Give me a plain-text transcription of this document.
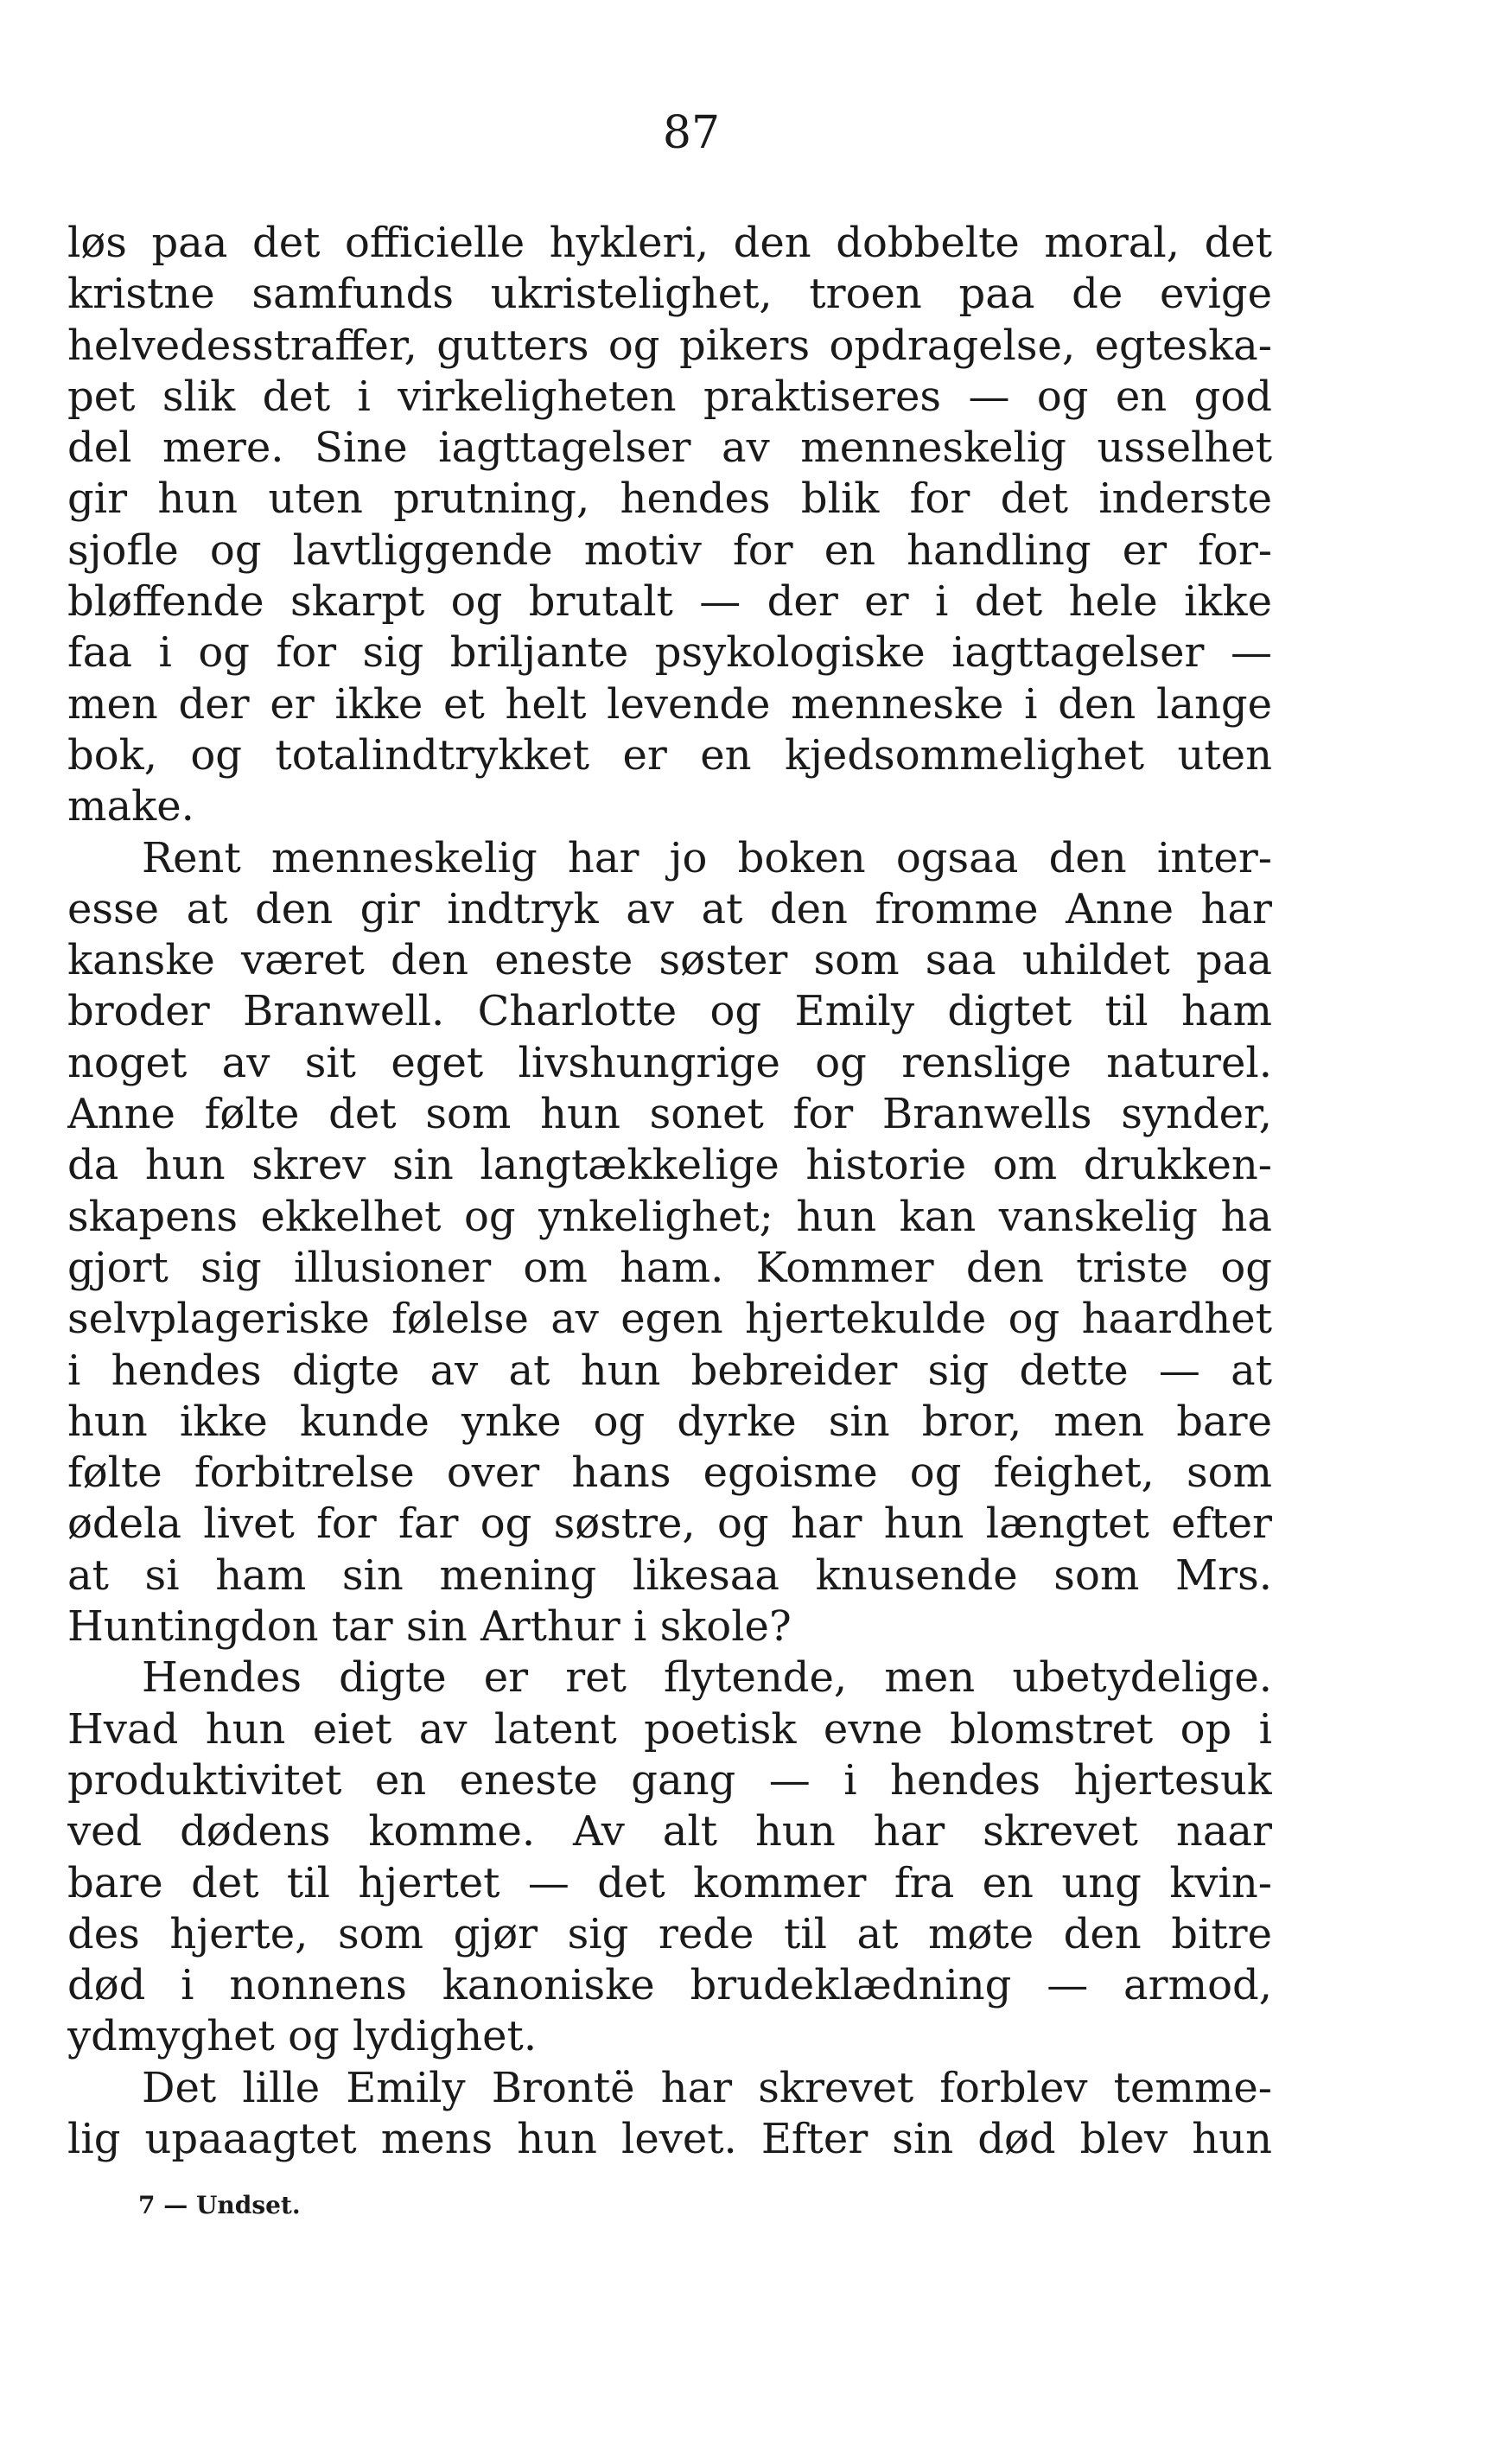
87
løs paa det officielle hykleri, den dobbelte moral, det
kristne samfunds ukristelighet, troen paa de evige
helvedesstraffer, gutters og pikers opdragelse, egteska-
pet slik det i virkeligheten praktiseres — og en god
del mere. Sine iagttagelser av menneskelig usselhet
gir hun uten prutning, hendes blik for det inderste
sjofle og lavtliggende motiv for en handling er for-
bløffende skarpt og brutalt — der er i det hele ikke
faa i og for sig briljante psykologiske iagttagelser —
men der er ikke et helt levende menneske i den lange
bok, og totalindtrykket er en kjedsommelighet uten
make.
Rent menneskelig har jo boken ogsaa den inter-
esse at den gir indtryk av at den fromme Anne har
kanske været den eneste søster som saa uhildet paa
broder Branwell. Charlotte og Emily digtet til ham
noget av sit eget livshungrige og renslige naturel.
Anne følte det som hun sonet for Branwells synder,
da hun skrev sin langtækkelige historie om drukken-
skapens ekkelhet og ynkelighet; hun kan vanskelig ha
gjort sig illusioner om ham. Kommer den triste og
selvplageriske følelse av egen hjertekulde og haardhet
i hendes digte av at hun bebreider sig dette — at
hun ikke kunde ynke og dyrke sin bror, men bare
følte forbitrelse over hans egoisme og feighet, som
ødela livet for far og søstre, og har hun længtet efter
at si ham sin mening likesaa knusende som Mrs.
Huntingdon tar sin Arthur i skole?
Hendes digte er ret flytende, men ubetydelige.
Hvad hun eiet av latent poetisk evne blomstret op i
produktivitet en eneste gang — i hendes hjertesuk
ved dødens komme. Av alt hun har skrevet naar
bare det til hjertet — det kommer fra en ung kvin-
des hjerte, som gjør sig rede til at møte den bitre
død i nonnens kanoniske brudeklædning — armod,
ydmyghet og lydighet.
Det lille Emily Brontë har skrevet forblev temme-
lig upaaagtet mens hun levet. Efter sin død blev hun
7 — Undset.
